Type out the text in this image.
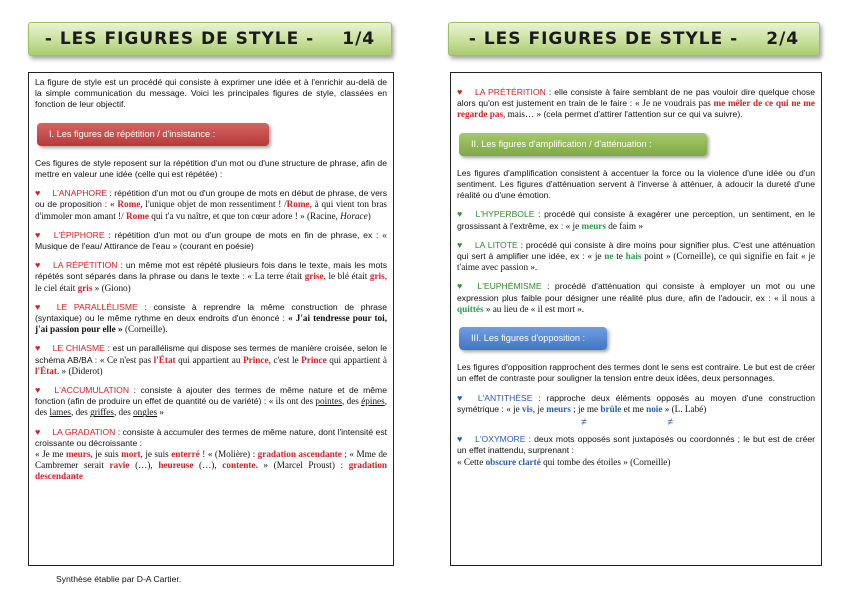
- LES FIGURES DE STYLE - 1/4

La figure de style est un procédé qui consiste à exprimer une idée et à l'enrichir au-delà de la simple communication du message. Voici les principales figures de style, classées en fonction de leur objectif.

I. Les figures de répétition / d'insistance :

Ces figures de style reposent sur la répétition d'un mot ou d'une structure de phrase, afin de mettre en valeur une idée (celle qui est répétée) :

♥ L'ANAPHORE : répétition d'un mot ou d'un groupe de mots en début de phrase, de vers ou de proposition : « Rome, l'unique objet de mon ressentiment ! /Rome, à qui vient ton bras d'immoler mon amant !/ Rome qui t'a vu naître, et que ton cœur adore ! » (Racine, Horace)

♥ L'ÉPIPHORE : répétition d'un mot ou d'un groupe de mots en fin de phrase, ex : « Musique de l'eau/ Attirance de l'eau » (courant en poésie)

♥ LA RÉPÉTITION : un même mot est répété plusieurs fois dans le texte, mais les mots répétés sont séparés dans la phrase ou dans le texte : « La terre était grise, le blé était gris, le ciel était gris » (Giono)

♥ LE PARALLÉLISME : consiste à reprendre la même construction de phrase (syntaxique) ou le même rythme en deux endroits d'un énoncé : « J'ai tendresse pour toi, j'ai passion pour elle » (Corneille).

♥ LE CHIASME : est un parallélisme qui dispose ses termes de manière croisée, selon le schéma AB/BA : « Ce n'est pas l'État qui appartient au Prince, c'est le Prince qui appartient à l'État. » (Diderot)

♥ L'ACCUMULATION : consiste à ajouter des termes de même nature et de même fonction (afin de produire un effet de quantité ou de variété) : « ils ont des pointes, des épines, des lames, des griffes, des ongles »

♥ LA GRADATION : consiste à accumuler des termes de même nature, dont l'intensité est croissante ou décroissante :
« Je me meurs, je suis mort, je suis enterré ! « (Molière) : gradation ascendante ; « Mme de Cambremer serait ravie (…), heureuse (…), contente. » (Marcel Proust) : gradation descendante

Synthèse établie par D-A Cartier.
- LES FIGURES DE STYLE - 2/4

♥ LA PRÉTÉRITION : elle consiste à faire semblant de ne pas vouloir dire quelque chose alors qu'on est justement en train de le faire : « Je ne voudrais pas me mêler de ce qui ne me regarde pas, mais… » (cela permet d'attirer l'attention sur ce qui va suivre).

II. Les figures d'amplification / d'atténuation :

Les figures d'amplification consistent à accentuer la force ou la violence d'une idée ou d'un sentiment. Les figures d'atténuation servent à l'inverse à atténuer, à adoucir la dureté d'une réalité ou d'une émotion.

♥ L'HYPERBOLE : procédé qui consiste à exagérer une perception, un sentiment, en le grossissant à l'extrême, ex : « je meurs de faim »

♥ LA LITOTE : procédé qui consiste à dire moins pour signifier plus. C'est une atténuation qui sert à amplifier une idée, ex : « je ne te hais point » (Corneille), ce qui signifie en fait « je t'aime avec passion ».

♥ L'EUPHÉMISME : procédé d'atténuation qui consiste à employer un mot ou une expression plus faible pour désigner une réalité plus dure, afin de l'adoucir, ex : « il nous a quittés » au lieu de « il est mort ».

III. Les figures d'opposition :

Les figures d'opposition rapprochent des termes dont le sens est contraire. Le but est de créer un effet de contraste pour souligner la tension entre deux idées, deux personnages.

♥ L'ANTITHÈSE : rapproche deux éléments opposés au moyen d'une construction symétrique : « je vis, je meurs ; je me brûle et me noie » (L. Labé)

≠	≠

♥ L'OXYMORE : deux mots opposés sont juxtaposés ou coordonnés ; le but est de créer un effet inattendu, surprenant :
« Cette obscure clarté qui tombe des étoiles » (Corneille)
